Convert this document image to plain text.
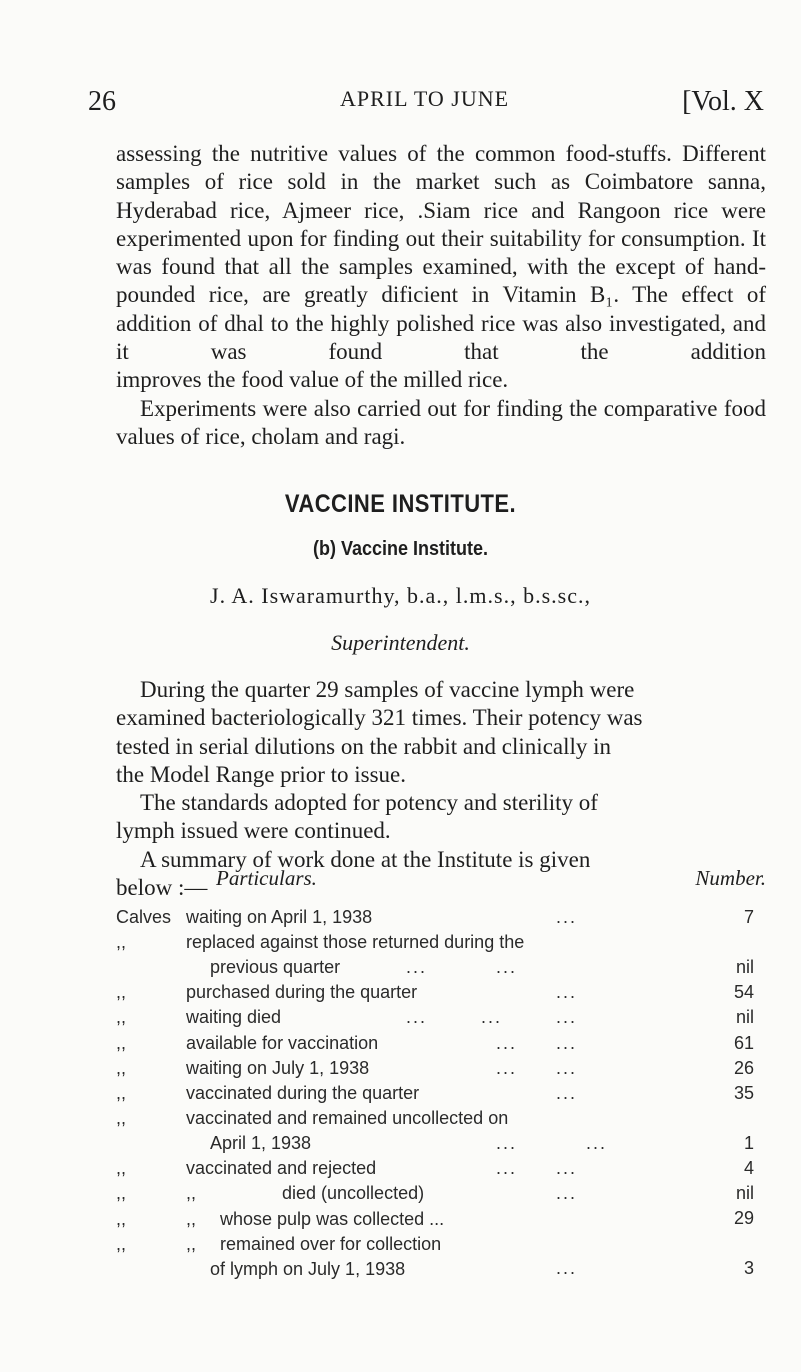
26	APRIL TO JUNE	[Vol. X

assessing the nutritive values of the common food-stuffs. Different samples of rice sold in the market such as Coimbatore sanna, Hyderabad rice, Ajmeer rice, .Siam rice and Rangoon rice were experimented upon for finding out their suitability for consumption. It was found that all the samples examined, with the except of hand- pounded rice, are greatly dificient in Vitamin B₁. The effect of addition of dhal to the highly polished rice was also investigated, and it was found that the addition improves the food value of the milled rice. Experiments were also carried out for finding the comparative food values of rice, cholam and ragi.

VACCINE INSTITUTE.
(b) Vaccine Institute.
J. A. Iswaramurthy, b.a., l.m.s., b.s.sc.,
Superintendent.
During the quarter 29 samples of vaccine lymph were
examined bacteriologically 321 times. Their potency was
tested in serial dilutions on the rabbit and clinically in
the Model Range prior to issue.
The standards adopted for potency and sterility of
lymph issued were continued.
A summary of work done at the Institute is given
below :— Particulars.	Number.
Calves waiting on April 1, 1938	...	7
,,	replaced against those returned during the
previous quarter	...	...	nil
,,	purchased during the quarter	...	54
,,	waiting died	...	...	...	nil
,,	available for vaccination	... ...	61
,,	waiting on July 1, 1938	... ...	26
,,	vaccinated during the quarter	...	35
,,	vaccinated and remained uncollected on
April 1, 1938	...	...	1
,,	vaccinated and rejected	... ...	4
,,	,,	died (uncollected)	...	nil
,,	,, whose pulp was collected ...	29
,,	,, remained over for collection
of lymph on July 1, 1938	...	3
